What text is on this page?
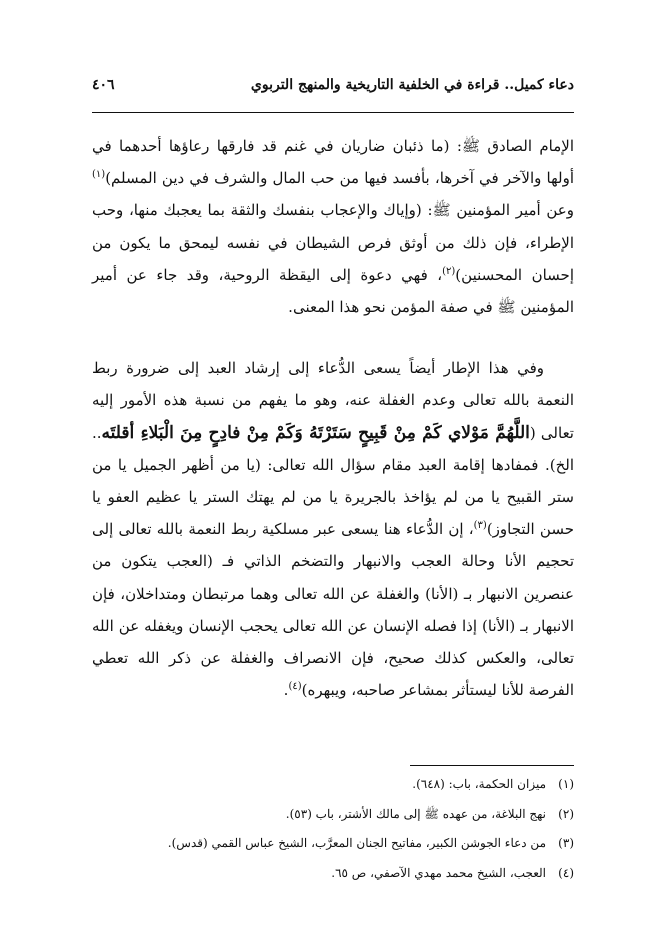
دعاء كميل.. قراءة في الخلفية التاريخية والمنهج التربوي
٤٠٦

الإمام الصادق ﷺ: (ما ذئبان ضاريان في غنم قد فارقها رعاؤها أحدهما في أولها والآخر في آخرها، بأفسد فيها من حب المال والشرف في دين المسلم)$^{(١)}$ وعن أمير المؤمنين ﷺ: (وإياك والإعجاب بنفسك والثقة بما يعجبك منها، وحب الإطراء، فإن ذلك من أوثق فرص الشيطان في نفسه ليمحق ما يكون من إحسان المحسنين)$^{(٢)}$، فهي دعوة إلى اليقظة الروحية، وقد جاء عن أمير المؤمنين ﷺ في صفة المؤمن نحو هذا المعنى.

وفي هذا الإطار أيضاً يسعى الدُّعاء إلى إرشاد العبد إلى ضرورة ربط النعمة بالله تعالى وعدم الغفلة عنه، وهو ما يفهم من نسبة هذه الأمور إليه تعالى (اللَّهُمَّ مَوْلاي كَمْ مِنْ قَبِيحٍ سَتَرْتَهُ وَكَمْ مِنْ فادِحٍ مِنَ الْبَلاءِ أقلتَه.. الخ). فمفادها إقامة العبد مقام سؤال الله تعالى: (يا من أظهر الجميل يا من ستر القبيح يا من لم يؤاخذ بالجريرة يا من لم يهتك الستر يا عظيم العفو يا حسن التجاوز)$^{(٣)}$، إن الدُّعاء هنا يسعى عبر مسلكية ربط النعمة بالله تعالى إلى تحجيم الأنا وحالة العجب والانبهار والتضخم الذاتي فـ (العجب يتكون من عنصرين الانبهار بـ (الأنا) والغفلة عن الله تعالى وهما مرتبطان ومتداخلان، فإن الانبهار بـ (الأنا) إذا فصله الإنسان عن الله تعالى يحجب الإنسان ويغفله عن الله تعالى، والعكس كذلك صحيح، فإن الانصراف والغفلة عن ذكر الله تعطي الفرصة للأنا ليستأثر بمشاعر صاحبه، ويبهره)$^{(٤)}$.

(١)
ميزان الحكمة، باب: (٦٤٨).
(٢)
نهج البلاغة، من عهده ﷺ إلى مالك الأشتر، باب (٥٣).
(٣)
من دعاء الجوشن الكبير، مفاتيح الجنان المعرَّب، الشيخ عباس القمي (قدس).
(٤)
العجب، الشيخ محمد مهدي الآصفي، ص ٦٥.
